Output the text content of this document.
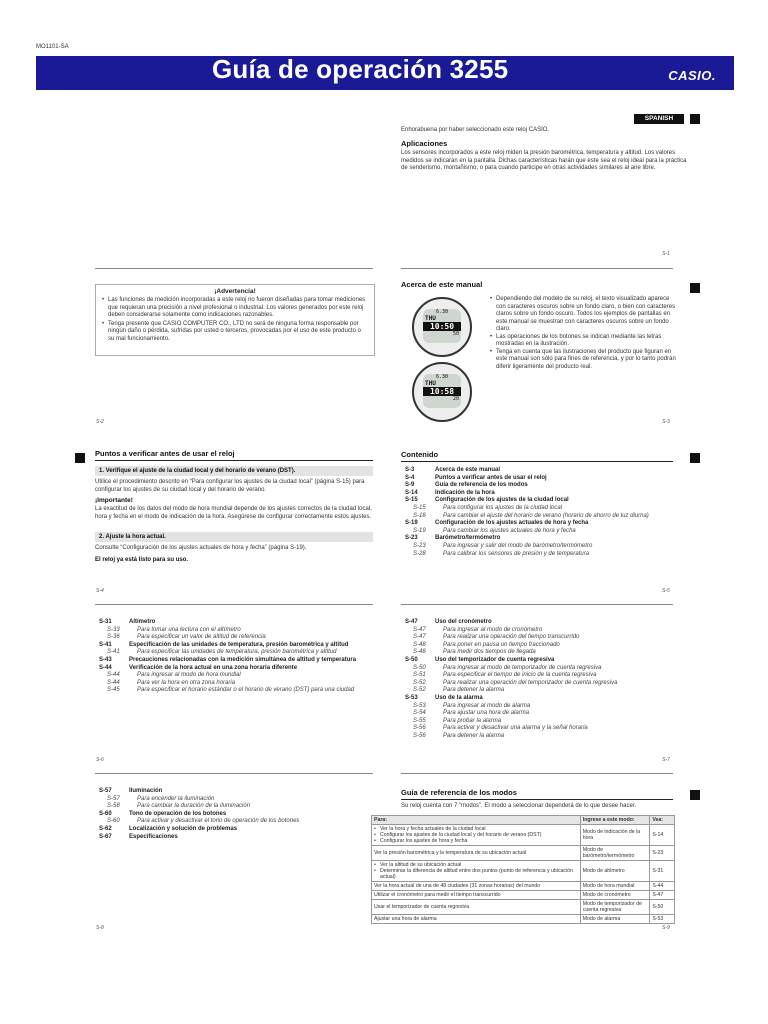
MO1101-SA
Guía de operación 3255	CASIO.
SPANISH
Enhorabuena por haber seleccionado este reloj CASIO.
Aplicaciones
Los sensores incorporados a este reloj miden la presión barométrica, temperatura y altitud. Los valores medidos se indicarán en la pantalla. Dichas características harán que este sea el reloj ideal para la práctica de senderismo, montañismo, o para cuando participe en otras actividades similares al aire libre.
S-1
¡Advertencia!
• Las funciones de medición incorporadas a este reloj no fueron diseñadas para tomar mediciones que requieran una precisión a nivel profesional o industrial. Los valores generados por este reloj deben considerarse solamente como indicaciones razonables.
• Tenga presente que CASIO COMPUTER CO., LTD no será de ninguna forma responsable por ningún daño o pérdida, sufridas por usted o terceros, provocadas por el uso de este producto o su mal funcionamiento.
S-2
Acerca de este manual
6.30
THU
10:50
50
6.30
THU
10:58
20
• Dependiendo del modelo de su reloj, el texto visualizado aparece con caracteres oscuros sobre un fondo claro, o bien con caracteres claros sobre un fondo oscuro. Todos los ejemplos de pantallas en este manual se muestran con caracteres oscuros sobre un fondo claro.
• Las operaciones de los botones se indican mediante las letras mostradas en la ilustración.
• Tenga en cuenta que las ilustraciones del producto que figuran en este manual son sólo para fines de referencia, y por lo tanto podrán diferir ligeramente del producto real.
S-3
Puntos a verificar antes de usar el reloj
1. Verifique el ajuste de la ciudad local y del horario de verano (DST).
Utilice el procedimiento descrito en “Para configurar los ajustes de la ciudad local” (página S-15) para configurar los ajustes de su ciudad local y del horario de verano.
¡Importante!
La exactitud de los datos del modo de hora mundial depende de los ajustes correctos de la ciudad local, hora y fecha en el modo de indicación de la hora. Asegúrese de configurar correctamente estos ajustes.
2. Ajuste la hora actual.
Consulte “Configuración de los ajustes actuales de hora y fecha” (página S-19).
El reloj ya está listo para su uso.
S-4
Contenido
S-3	Acerca de este manual
S-4	Puntos a verificar antes de usar el reloj
S-9	Guía de referencia de los modos
S-14	Indicación de la hora
S-15	Configuración de los ajustes de la ciudad local
S-15	Para configurar los ajustes de la ciudad local
S-18	Para cambiar el ajuste del horario de verano (horario de ahorro de luz diurna)
S-19	Configuración de los ajustes actuales de hora y fecha
S-19	Para cambiar los ajustes actuales de hora y fecha
S-23	Barómetro/termómetro
S-23	Para ingresar y salir del modo de barómetro/termómetro
S-28	Para calibrar los sensores de presión y de temperatura
S-5
S-31	Altímetro
S-33	Para tomar una lectura con el altímetro
S-36	Para especificar un valor de altitud de referencia
S-41	Especificación de las unidades de temperatura, presión barométrica y altitud
S-41	Para especificar las unidades de temperatura, presión barométrica y altitud
S-43	Precauciones relacionadas con la medición simultánea de altitud y temperatura
S-44	Verificación de la hora actual en una zona horaria diferente
S-44	Para ingresar al modo de hora mundial
S-44	Para ver la hora en otra zona horaria
S-45	Para especificar el horario estándar o el horario de verano (DST) para una ciudad
S-6
S-47	Uso del cronómetro
S-47	Para ingresar al modo de cronómetro
S-47	Para realizar una operación del tiempo transcurrido
S-48	Para poner en pausa un tiempo fraccionado
S-48	Para medir dos tiempos de llegada
S-50	Uso del temporizador de cuenta regresiva
S-50	Para ingresar al modo de temporizador de cuenta regresiva
S-51	Para especificar el tiempo de inicio de la cuenta regresiva
S-52	Para realizar una operación del temporizador de cuenta regresiva
S-52	Para detener la alarma
S-53	Uso de la alarma
S-53	Para ingresar al modo de alarma
S-54	Para ajustar una hora de alarma
S-55	Para probar la alarma
S-56	Para activar y desactivar una alarma y la señal horaria
S-56	Para detener la alarma
S-7
S-57	Iluminación
S-57	Para encender la iluminación
S-58	Para cambiar la duración de la iluminación
S-60	Tono de operación de los botones
S-60	Para activar y desactivar el tono de operación de los botones
S-62	Localización y solución de problemas
S-67	Especificaciones
S-8
Guía de referencia de los modos
Su reloj cuenta con 7 “modos”. El modo a seleccionar dependerá de lo que desee hacer.
Para:	Ingrese a este modo:	Vea:

• Ver la hora y fecha actuales de la ciudad local
• Configurar los ajustes de la ciudad local y del horario de verano (DST)
• Configurar los ajustes de hora y fecha	Modo de indicación de la hora	S-14

Ver la presión barométrica y la temperatura de su ubicación actual	Modo de barómetro/termómetro	S-23

• Ver la altitud de su ubicación actual
• Determinar la diferencia de altitud entre dos puntos (punto de referencia y ubicación actual)	Modo de altímetro	S-31

Ver la hora actual de una de 48 ciudades (31 zonas horarias) del mundo	Modo de hora mundial	S-44

Utilizar el cronómetro para medir el tiempo transcurrido	Modo de cronómetro	S-47

Usar el temporizador de cuenta regresiva	Modo de temporizador de cuenta regresiva	S-50

Ajustar una hora de alarma	Modo de alarma	S-53
S-9
